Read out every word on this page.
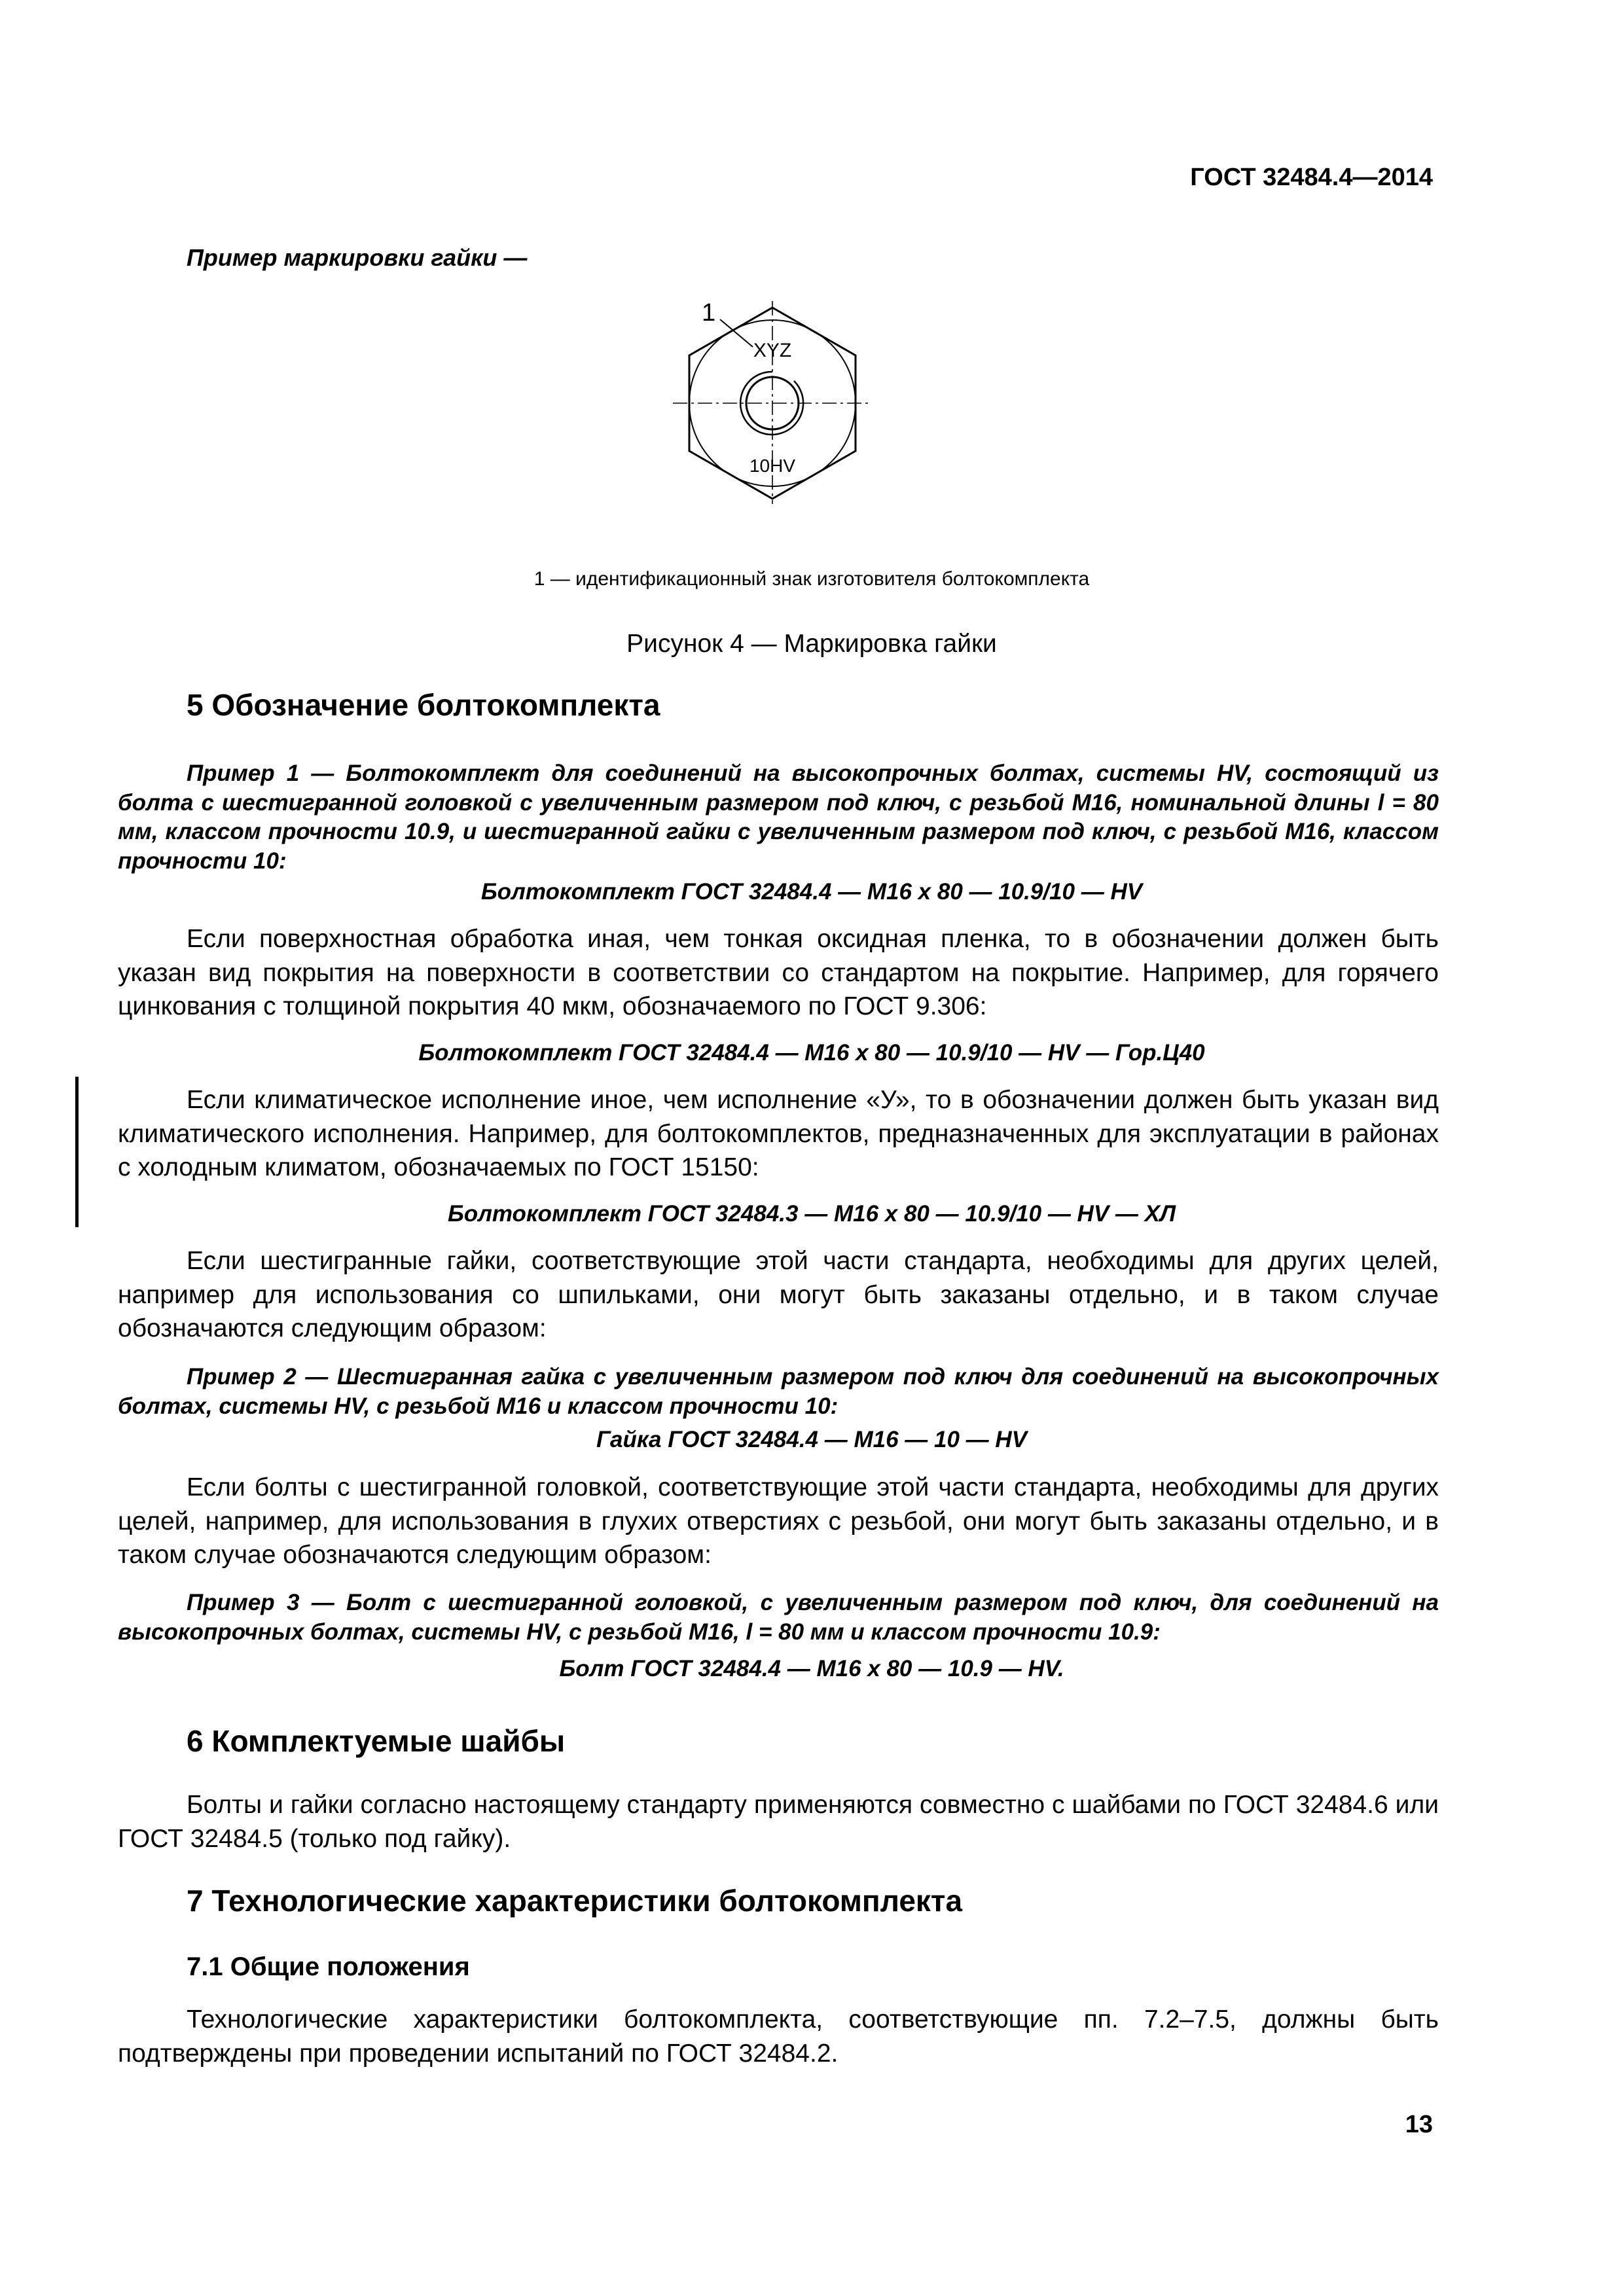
ГОСТ 32484.4—2014
Пример маркировки гайки —
1
XYZ
10HV
1 — идентификационный знак изготовителя болтокомплекта
Рисунок 4 — Маркировка гайки
5 Обозначение болтокомплекта

Пример 1 — Болтокомплект для соединений на высокопрочных болтах, системы HV, состоящий из болта с шестигранной головкой с увеличенным размером под ключ, с резьбой M16, номинальной длины l = 80 мм, классом прочности 10.9, и шестигранной гайки с увеличенным размером под ключ, с резьбой M16, классом прочности 10:

Болтокомплект ГОСТ 32484.4 — M16 x 80 — 10.9/10 — HV

Если поверхностная обработка иная, чем тонкая оксидная пленка, то в обозначении должен быть указан вид покрытия на поверхности в соответствии со стандартом на покрытие. Например, для горячего цинкования с толщиной покрытия 40 мкм, обозначаемого по ГОСТ 9.306:

Болтокомплект ГОСТ 32484.4 — M16 x 80 — 10.9/10 — HV — Гор.Ц40

Если климатическое исполнение иное, чем исполнение «У», то в обозначении должен быть указан вид климатического исполнения. Например, для болтокомплектов, предназначенных для эксплуатации в районах с холодным климатом, обозначаемых по ГОСТ 15150:

Болтокомплект ГОСТ 32484.3 — M16 x 80 — 10.9/10 — HV — ХЛ

Если шестигранные гайки, соответствующие этой части стандарта, необходимы для других целей, например для использования со шпильками, они могут быть заказаны отдельно, и в таком случае обозначаются следующим образом:

Пример 2 — Шестигранная гайка с увеличенным размером под ключ для соединений на высокопрочных болтах, системы HV, с резьбой M16 и классом прочности 10:

Гайка ГОСТ 32484.4 — M16 — 10 — HV

Если болты с шестигранной головкой, соответствующие этой части стандарта, необходимы для других целей, например, для использования в глухих отверстиях с резьбой, они могут быть заказаны отдельно, и в таком случае обозначаются следующим образом:

Пример 3 — Болт с шестигранной головкой, с увеличенным размером под ключ, для соединений на высокопрочных болтах, системы HV, с резьбой M16, l = 80 мм и классом прочности 10.9:

Болт ГОСТ 32484.4 — M16 x 80 — 10.9 — HV.
6 Комплектуемые шайбы

Болты и гайки согласно настоящему стандарту применяются совместно с шайбами по ГОСТ 32484.6 или ГОСТ 32484.5 (только под гайку).

7 Технологические характеристики болтокомплекта
7.1 Общие положения

Технологические характеристики болтокомплекта, соответствующие пп. 7.2–7.5, должны быть подтверждены при проведении испытаний по ГОСТ 32484.2.

13
